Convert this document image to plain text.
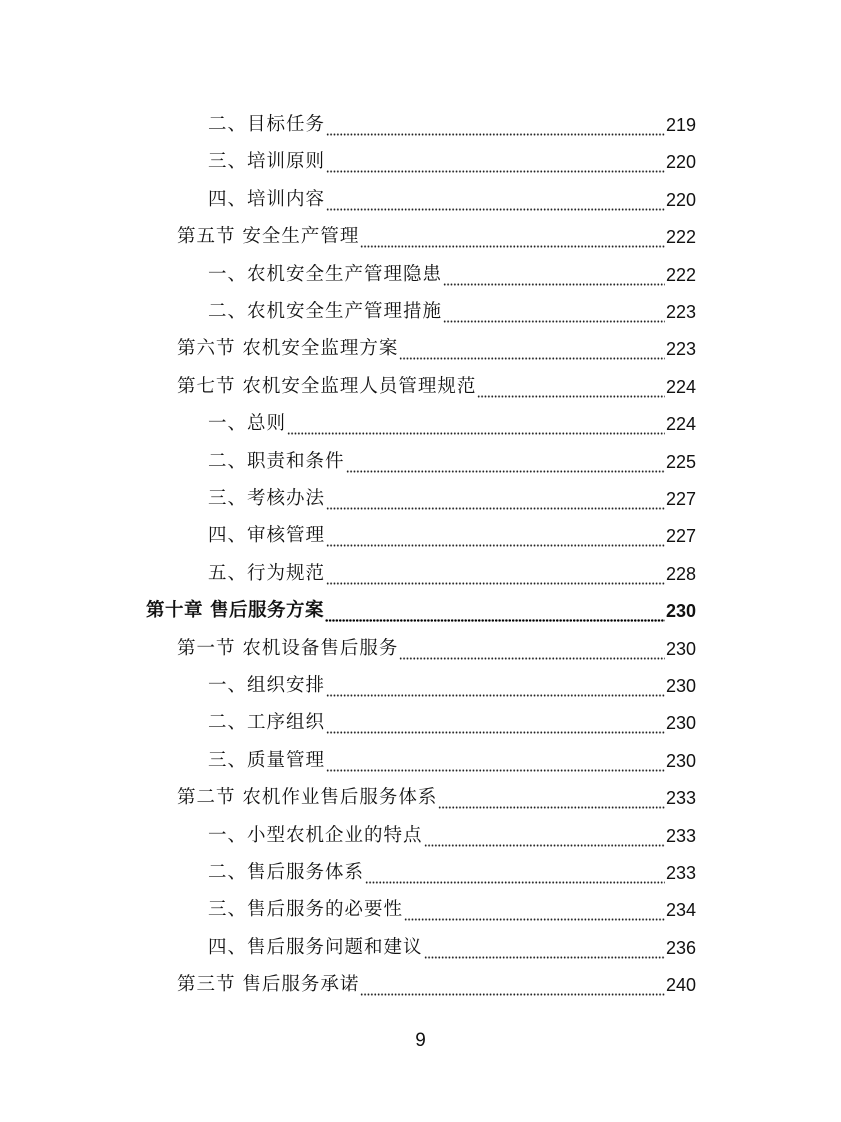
二、目标任务	219
三、培训原则	220
四、培训内容	220
第五节 安全生产管理	222
一、农机安全生产管理隐患	222
二、农机安全生产管理措施	223
第六节 农机安全监理方案	223
第七节 农机安全监理人员管理规范	224
一、总则	224
二、职责和条件	225
三、考核办法	227
四、审核管理	227
五、行为规范	228
第十章 售后服务方案	230
第一节 农机设备售后服务	230
一、组织安排	230
二、工序组织	230
三、质量管理	230
第二节 农机作业售后服务体系	233
一、小型农机企业的特点	233
二、售后服务体系	233
三、售后服务的必要性	234
四、售后服务问题和建议	236
第三节 售后服务承诺	240
9
